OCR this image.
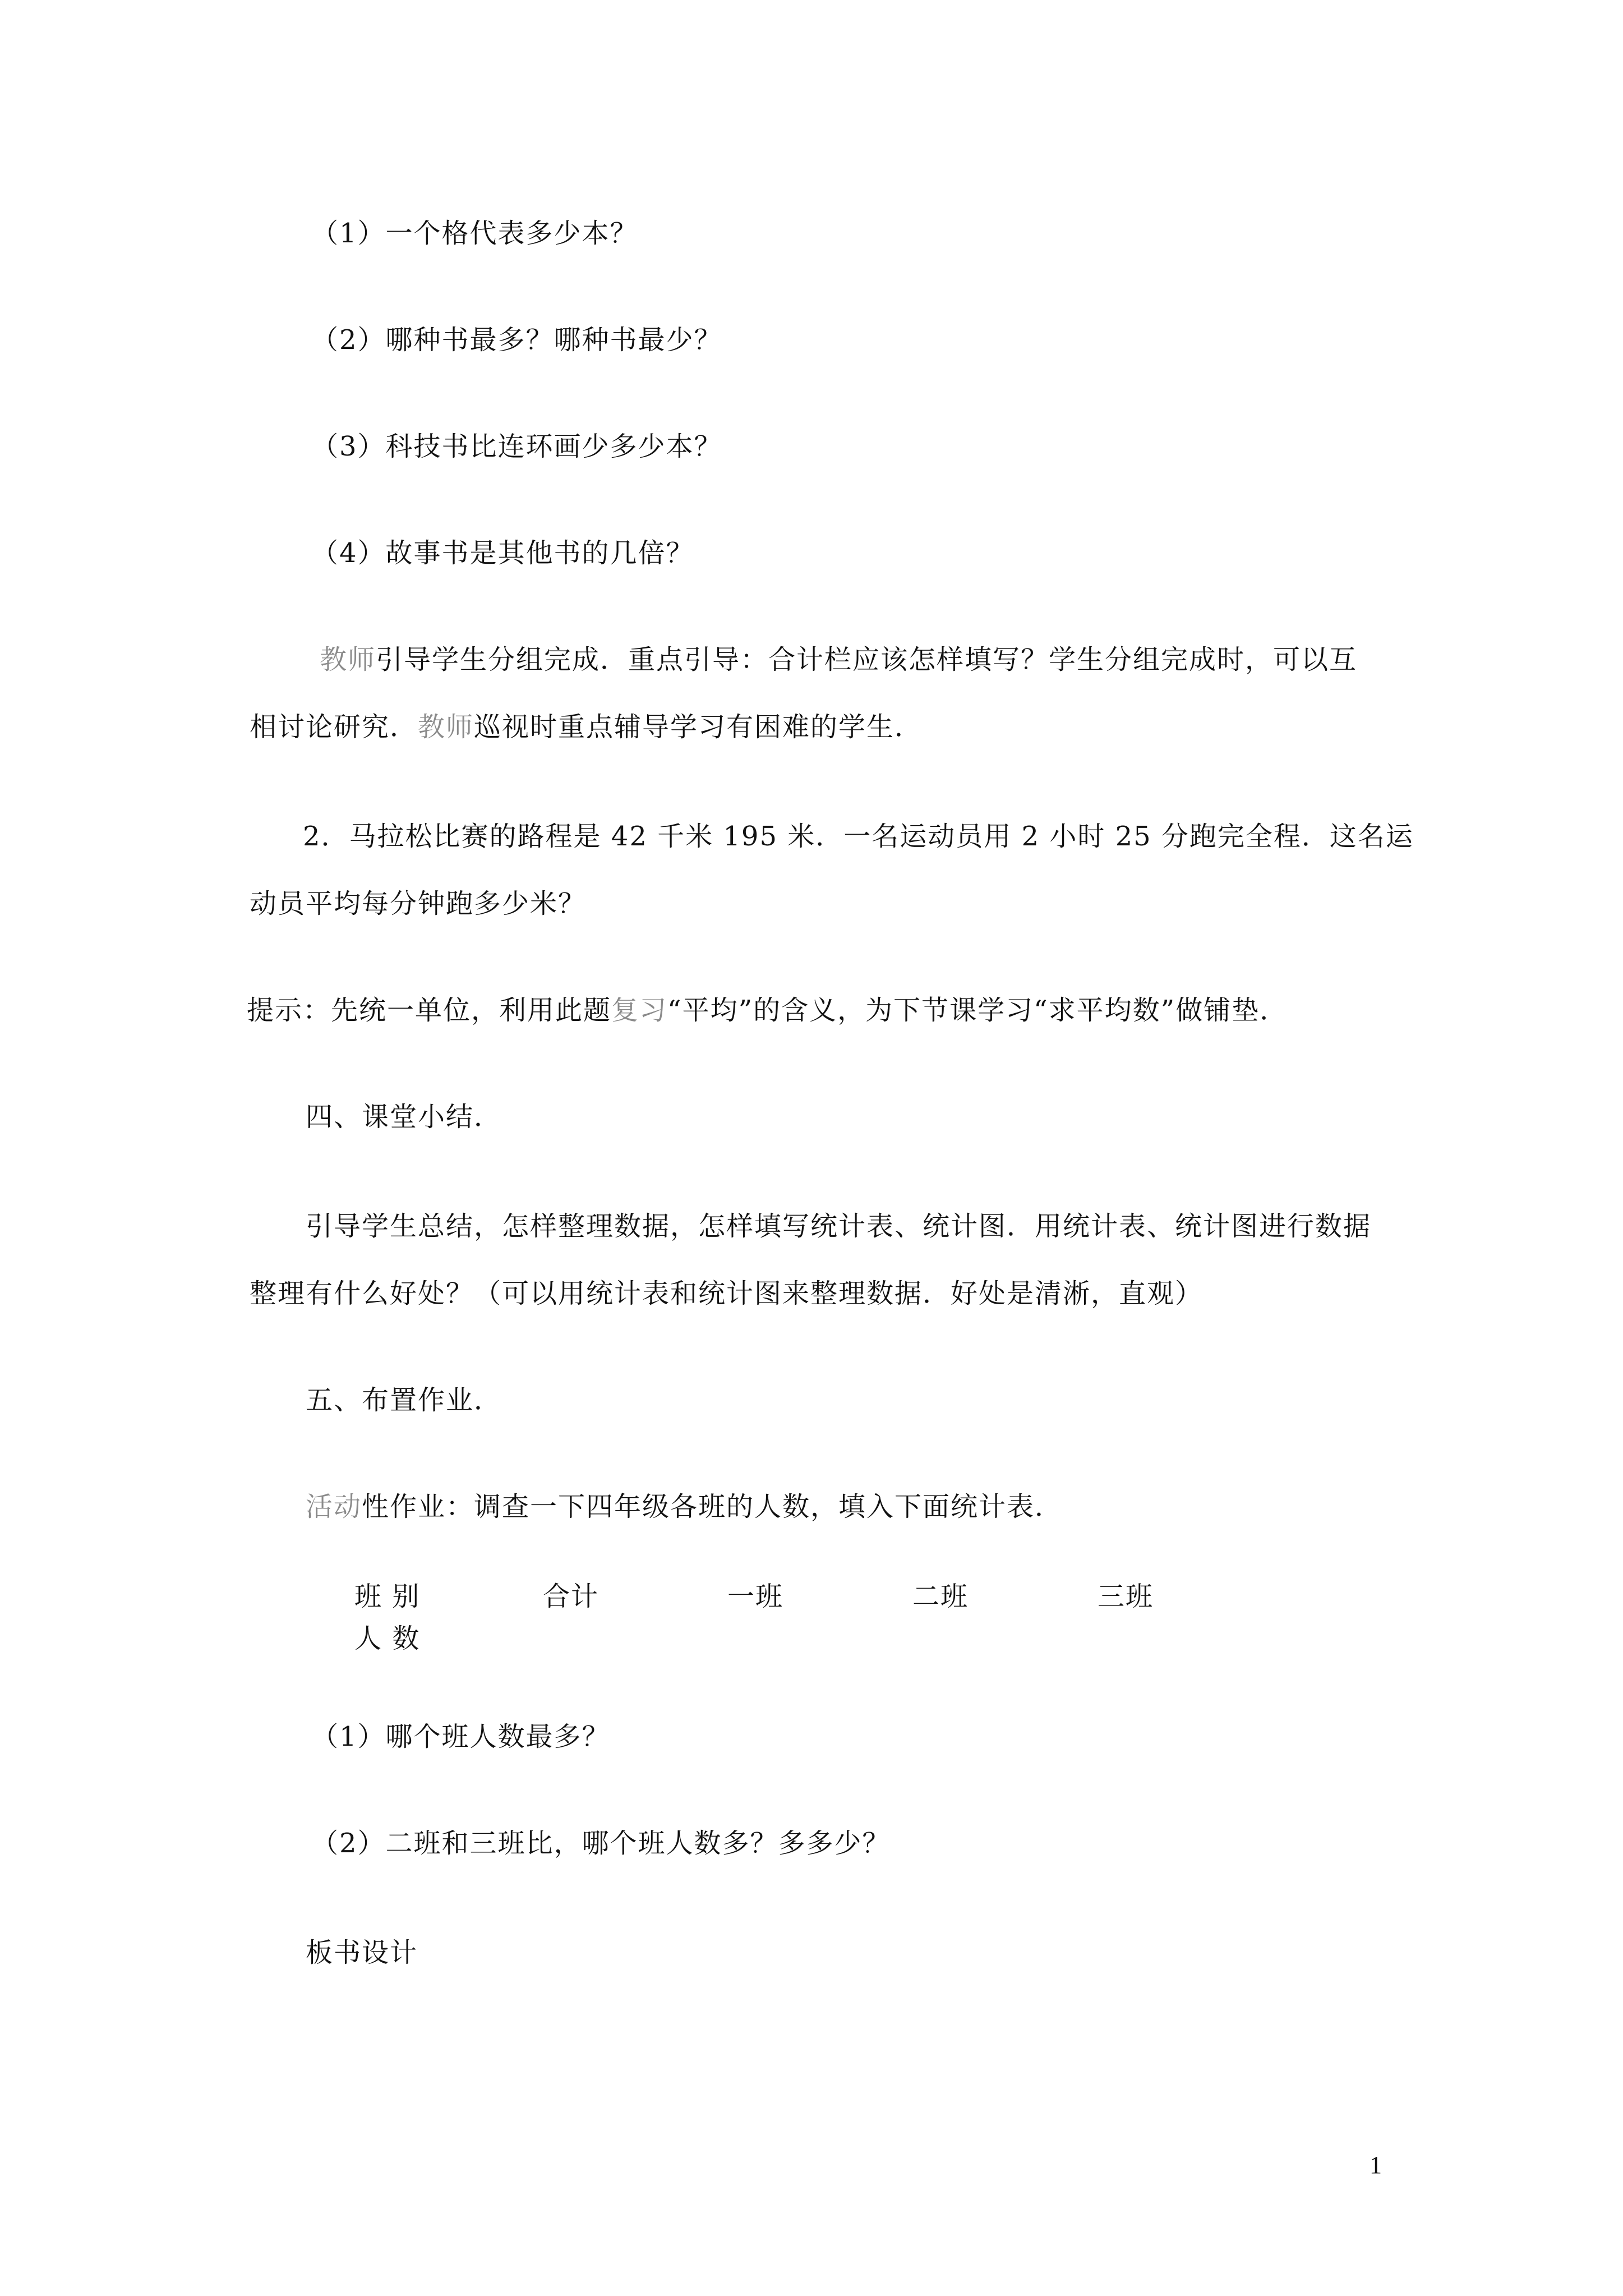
（1）一个格代表多少本？
（2）哪种书最多？哪种书最少？
（3）科技书比连环画少多少本？
（4）故事书是其他书的几倍？
教师引导学生分组完成．重点引导：合计栏应该怎样填写？学生分组完成时，可以互
相讨论研究．教师巡视时重点辅导学习有困难的学生．
2．马拉松比赛的路程是 42 千米 195 米．一名运动员用 2 小时 25 分跑完全程．这名运
动员平均每分钟跑多少米？
提示：先统一单位，利用此题复习“平均”的含义，为下节课学习“求平均数”做铺垫．
四、课堂小结．
引导学生总结，怎样整理数据，怎样填写统计表、统计图．用统计表、统计图进行数据
整理有什么好处？（可以用统计表和统计图来整理数据．好处是清淅，直观）
五、布置作业．
活动性作业：调查一下四年级各班的人数，填入下面统计表．
班 别	合计	一班	二班	三班
人 数
（1）哪个班人数最多？
（2）二班和三班比，哪个班人数多？多多少？
板书设计
1
